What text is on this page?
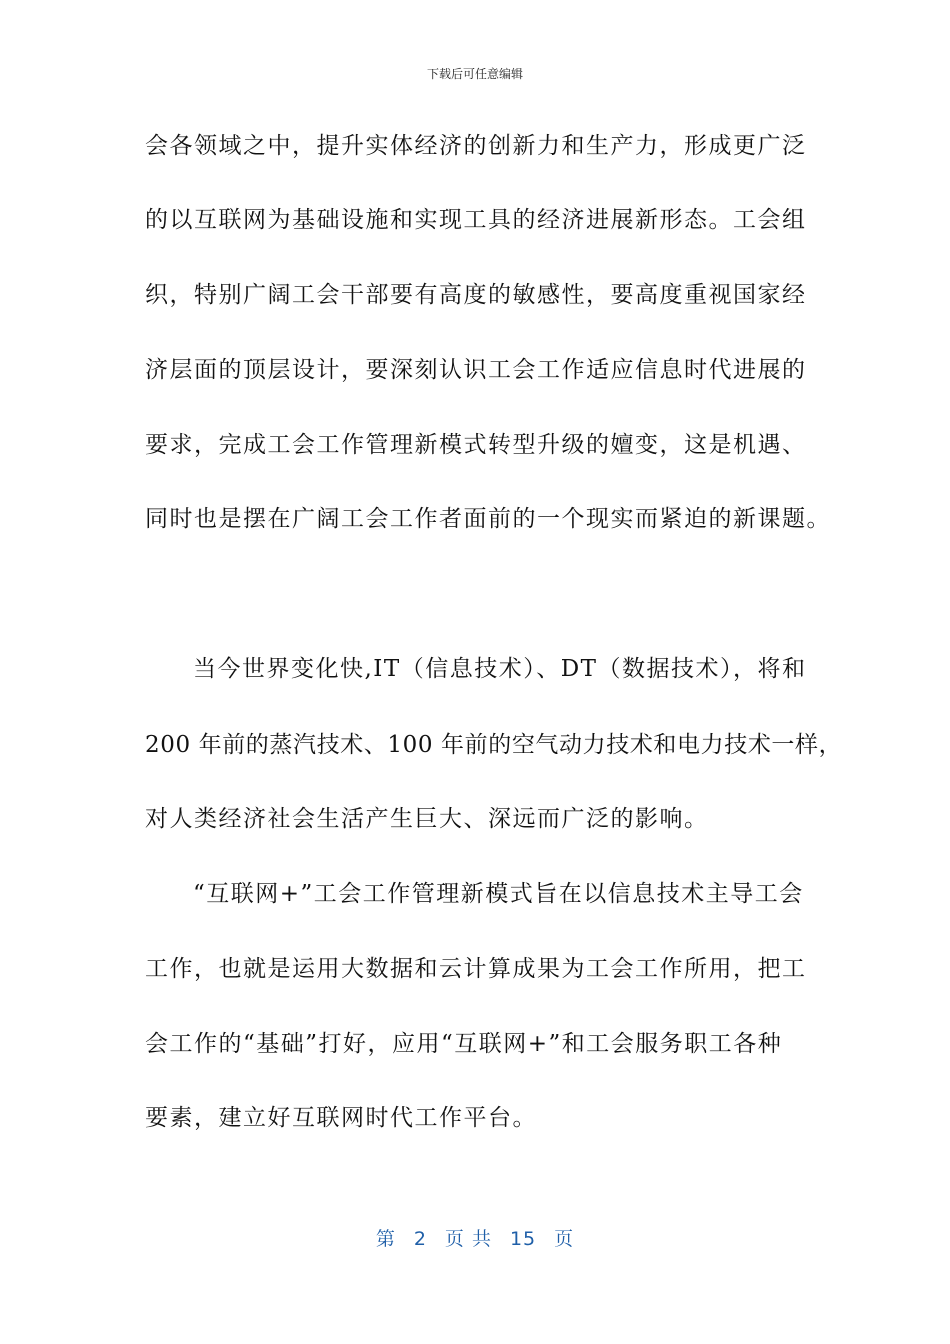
下载后可任意编辑
会各领域之中，提升实体经济的创新力和生产力，形成更广泛
的以互联网为基础设施和实现工具的经济进展新形态。工会组
织，特别广阔工会干部要有高度的敏感性，要高度重视国家经
济层面的顶层设计，要深刻认识工会工作适应信息时代进展的
要求，完成工会工作管理新模式转型升级的嬗变，这是机遇、
同时也是摆在广阔工会工作者面前的一个现实而紧迫的新课题。
当今世界变化快,IT（信息技术）、DT（数据技术），将和
200 年前的蒸汽技术、100 年前的空气动力技术和电力技术一样，
对人类经济社会生活产生巨大、深远而广泛的影响。
“互联网+”工会工作管理新模式旨在以信息技术主导工会
工作，也就是运用大数据和云计算成果为工会工作所用，把工
会工作的“基础”打好，应用“互联网+”和工会服务职工各种
要素，建立好互联网时代工作平台。
第 2 页 共 15 页
